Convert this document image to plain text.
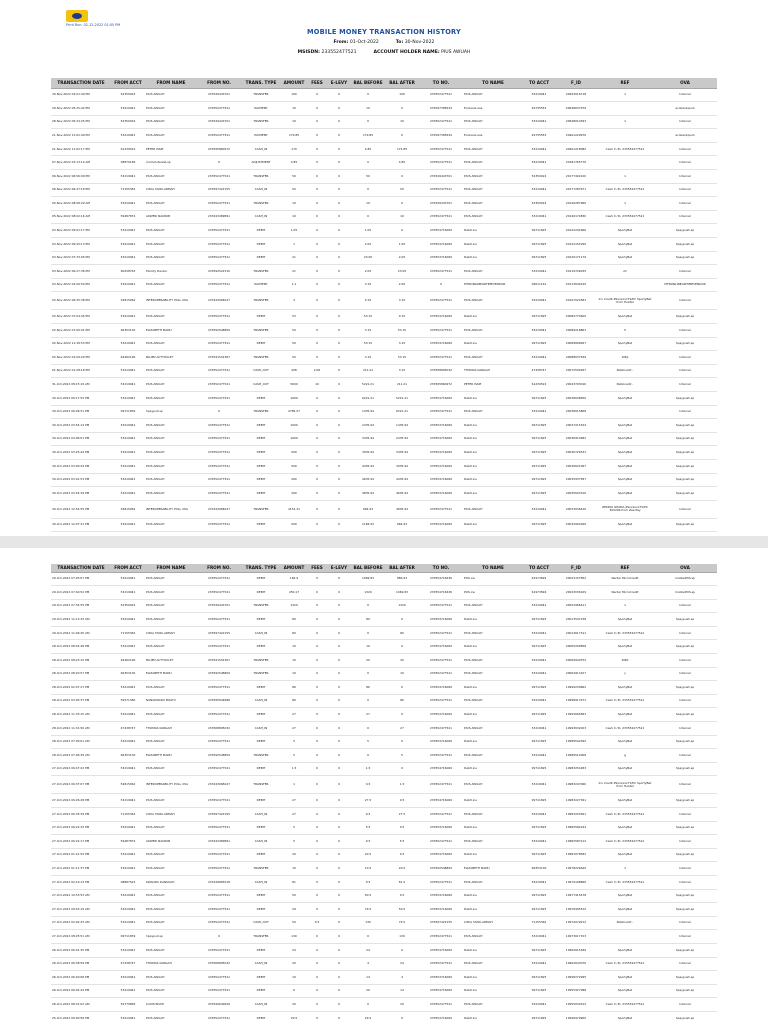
Print Run: 02-12-2022 01:05 PM
MOBILE MONEY TRANSACTION HISTORY
From: 01-Oct-2022	To: 30-Nov-2022
MSISDN: 233552477521	ACCOUNT HOLDER NAME: PIUS AWUAH
TRANSACTION DATE	FROM ACCT	FROM NAME	FROM NO.	TRANS. TYPE	AMOUNT	FEES	E-LEVY	BAL BEFORE	BAL AFTER	TO NO.	TO NAME	TO ACCT	F_ID	REF	OVA
30-Nov-2022 02:01:49 PM	52350024	PIUS AWUAH	233549443701	TRANSFER	100	0	0	0	100	233552477521	PIUS AWUAH	53219941	20643016718	1	Internal
29-Nov-2022 05:25:42 PM	53219941	PIUS AWUAH	233552477521	PAYMENT	10	0	0	10	0	233597385634	Ecobank.exe	49735553	20648637979		ecobankpush
28-Nov-2022 05:23:25 PM	52350024	PIUS AWUAH	233549443701	TRANSFER	10	0	0	0	10	233552477521	PIUS AWUAH	53219941	20648010393	1	Internal
21-Nov-2022 11:02:49 PM	53219941	PIUS AWUAH	233552477521	PAYMENT	179.85	0	0	179.85	0	233597385634	Ecobank.exe	49735553	20461229976		ecobankpush
21-Nov-2022 11:02:17 PM	61239522	PETER ISSIE	233595860972	CASH_IN	170	0	0	4.85	174.85	233552477521	PIUS AWUAH	53219941	20461218082	Cash In To: 233552477521	Internal
07-Nov-2022 03:13:10 AM	08879189	momoInterest.sp	0	ADJUSTMENT	4.85	0	0	0	4.85	233552477521	PIUS AWUAH	53219941	20181765776		Internal
06-Nov-2022 06:56:09 PM	53219941	PIUS AWUAH	233552477521	TRANSFER	50	0	0	50	0	233549443701	PIUS AWUAH	52350024	20177402120	1	Internal
06-Nov-2022 06:47:18 PM	71155362	LYDIA TANO-ARMAH	233597422155	CASH_IN	50	0	0	0	50	233552477521	PIUS AWUAH	53219941	20177287671	Cash In To: 233552477521	Internal
05-Nov-2022 08:08:29 AM	53219941	PIUS AWUAH	233552477521	TRANSFER	10	0	0	10	0	233549443701	PIUS AWUAH	52350024	20146287966	1	Internal
05-Nov-2022 08:02:16 AM	59487874	AKWEIK NADIKIB	233243489891	CASH_IN	10	0	0	0	10	233552477521	PIUS AWUAH	53219941	20146174830	Cash In To: 233552477521	Internal
03-Nov-2022 09:01:17 PM	53219941	PIUS AWUAH	233552477521	DEBIT	1.05	0	0	1.05	0	233554716069	Debit.inu	09711825	20122241666	SportyBet	hpaypush.sp
03-Nov-2022 09:25:13 PM	53219941	PIUS AWUAH	233552477521	DEBIT	1	0	0	2.05	1.05	233554716069	Debit.inu	09711825	20122152290	SportyBet	hpaypush.sp
03-Nov-2022 07:33:06 PM	53219941	PIUS AWUAH	233552477521	DEBIT	21	0	0	23.05	2.05	233554716069	Debit.inu	09711825	20120171179	SportyBet	hpaypush.sp
03-Nov-2022 06:27:36 PM	60258763	Felicity Dankor	233592522310	TRANSFER	21	0	0	2.05	23.05	233552477521	PIUS AWUAH	53219941	20119726035	21	Internal
03-Nov-2022 02:06:50 PM	53219941	PIUS AWUAH	233552477521	PAYMENT	1.1	0	0	3.15	2.05	0	MTNONLINEAIRTIMEVENDOR	09011161	20113640145		MTNONLINEAIRTIMEVENDOR
02-Nov-2022 06:35:38 PM	54815062	INTEROPERABILITY PULL OVA	233243068227	TRANSFER	3	0	0	0.15	3.15	233552477521	PIUS AWUAH	53219941	20101522583	Inv Credit ZSxxxxxx7S/PC SportyBet from Hubtel	Internal
02-Nov-2022 07:04:45 PM	53219941	PIUS AWUAH	233552477521	DEBIT	53	0	0	53.15	0.15	233554716069	Debit.inu	09711825	20089770400	SportyBet	hpaypush.sp
02-Nov-2022 07:00:01 PM	66353130	ELIZABETH MANU	233592548859	TRANSFER	50	0	0	3.15	53.15	233552477521	PIUS AWUAH	53219941	20089218863	5	Internal
02-Nov-2022 11:39:53 PM	53219941	PIUS AWUAH	233552477521	DEBIT	50	0	0	53.15	3.15	233554716069	Debit.inu	09711825	20089808267	SportyBet	hpaypush.sp
02-Nov-2022 01:09:29 PM	64462196	BLUEN ACTTOULEY	233541501367	TRANSFER	50	0	0	3.15	53.15	233552477521	PIUS AWUAH	53219941	20088637639	1Ntp	Internal
01-Nov-2022 01:28:18 PM	53219941	PIUS AWUAH	233552477521	CASH_OUT	208	2.06	0	211.21	3.15	233508895032	THOMAS KANGAH	47438747	20072599187	Nationalid -	Internal
31-Oct-2022 08:15:19 AM	53219941	PIUS AWUAH	233552477521	CASH_OUT	5000	10	0	5221.21	211.21	233595860972	PETER ISSIE	61239522	20043703016	Nationalid -	Internal
30-Oct-2022 06:17:52 PM	53219941	PIUS AWUAH	233552477521	DEBIT	1000	0	0	6221.21	5221.21	233554716069	Debit.inu	09711825	20038048950	SportyBet	hpaypush.sp
30-Oct-2022 06:09:31 PM	09711839	hpaypull.sp	0	TRANSFER	4785.27	0	0	1435.94	6221.21	233552477521	PIUS AWUAH	53219941	20038015808		Internal
30-Oct-2022 03:54:14 PM	53219941	PIUS AWUAH	233552477521	DEBIT	1000	0	0	2435.94	1435.94	233554716069	Debit.inu	09711825	20037215324	SportyBet	hpaypush.sp
30-Oct-2022 04:06:01 PM	53219941	PIUS AWUAH	233552477521	DEBIT	1000	0	0	3435.94	2435.94	233554716069	Debit.inu	09711825	20036910682	SportyBet	hpaypush.sp
30-Oct-2022 03:25:42 PM	53219941	PIUS AWUAH	233552477521	DEBIT	500	0	0	3935.94	3435.94	233554716069	Debit.inu	09711825	20036726531	SportyBet	hpaypush.sp
30-Oct-2022 03:09:34 PM	53219941	PIUS AWUAH	233552477521	DEBIT	500	0	0	4435.94	3935.94	233554716069	Debit.inu	09711825	20036621067	SportyBet	hpaypush.sp
30-Oct-2022 03:01:53 PM	53219941	PIUS AWUAH	233552477521	DEBIT	200	0	0	4635.94	4435.94	233554716069	Debit.inu	09711825	20035937587	SportyBet	hpaypush.sp
30-Oct-2022 03:24:39 PM	53219941	PIUS AWUAH	233552477521	DEBIT	200	0	0	4835.94	4635.94	233554716069	Debit.inu	09711825	20035603316	SportyBet	hpaypush.sp
30-Oct-2022 12:54:55 PM	54815062	INTEROPERABILITY PULL OVA	233243068227	TRANSFER	4151.31	0	0	684.93	4835.94	233552477521	PIUS AWUAH	53219941	20033036426	ZEKROI GHANA ZSxxxxxx75/PC 305296 from Zee Pay	Internal
30-Oct-2022 12:07:31 PM	53219941	PIUS AWUAH	233552477521	DEBIT	500	0	0	1184.93	684.93	233554716069	Debit.inu	09711825	20032992266	SportyBet	hpaypush.sp

29-Oct-2022 07:05:07 PM	53219941	PIUS AWUAH	233552477521	DEBIT	182.9	0	0	1069.83	886.93	233554716636	POS.inu	61973894	20023157852	Nectar MicroCredit	mobilePOS.sp
29-Oct-2022 07:40:52 PM	53219941	PIUS AWUAH	233552477521	DEBIT	250.17	0	0	1320	1069.83	233554716636	POS.inu	61973894	20023036109	Nectar MicroCredit	mobilePOS.sp
29-Oct-2022 07:34:55 PM	52350024	PIUS AWUAH	233549443701	TRANSFER	1320	0	0	0	1320	233552477521	PIUS AWUAH	53219941	20022966411	1	Internal
29-Oct-2022 11:13:32 AM	53219941	PIUS AWUAH	233552477521	DEBIT	80	0	0	80	0	233554716069	Debit.inu	09711825	20013547238	SportyBet	hpaypush.sp
29-Oct-2022 11:09:45 AM	71155362	LYDIA TANO-ARMAH	233597422155	CASH_IN	80	0	0	0	80	233552477521	PIUS AWUAH	53219941	20013617311	Cash In To: 233552477521	Internal
TRANSACTION DATE	FROM ACCT	FROM NAME	FROM NO.	TRANS. TYPE	AMOUNT	FEES	E-LEVY	BAL BEFORE	BAL AFTER	TO NO.	TO NAME	TO ACCT	F_ID	REF	OVA
28-Oct-2022 08:44:48 PM	53219941	PIUS AWUAH	233552477521	DEBIT	10	0	0	10	0	233554716069	Debit.inu	09711825	20005290858	SportyBet	hpaypush.sp
28-Oct-2022 08:23:15 PM	64462196	BLUEN ACTTOULEY	233541501367	TRANSFER	10	0	0	20	30	233552477521	PIUS AWUAH	53219941	20009949752	1Ntb	Internal
28-Oct-2022 08:20:57 PM	66353130	ELIZABETH MANU	233592548859	TRANSFER	10	0	0	0	10	233552477521	PIUS AWUAH	53219941	20004913107	y	Internal
28-Oct-2022 02:07:27 PM	53219941	PIUS AWUAH	233552477521	DEBIT	86	0	0	86	0	233554716069	Debit.inu	09711825	19999230862	SportyBet	hpaypush.sp
28-Oct-2022 03:05:37 PM	59571380	NANAKWADU BOATU	233595644898	CASH_IN	86	0	0	0	86	233552477521	PIUS AWUAH	53219941	19998917671	Cash In To: 233552477521	Internal
28-Oct-2022 11:33:15 AM	53219941	PIUS AWUAH	233552477521	DEBIT	27	0	0	27	0	233554716069	Debit.inu	09711825	19993664893	SportyBet	hpaypush.sp
28-Oct-2022 11:31:56 AM	47438747	THOMAS KANGAH	233508895032	CASH_IN	27	0	0	0	27	233552477521	PIUS AWUAH	53219941	19993632023	Cash In To: 233552477521	Internal
28-Oct-2022 07:09:01 AM	53219941	PIUS AWUAH	233552477521	DEBIT	5	0	0	5	0	233554716069	Debit.inu	09711825	19989542392	SportyBet	hpaypush.sp
28-Oct-2022 07:06:39 AM	66353130	ELIZABETH MANU	233592548859	TRANSFER	5	0	0	0	5	233552477521	PIUS AWUAH	53219941	19989512008	g	Internal
27-Oct-2022 06:47:22 PM	53219941	PIUS AWUAH	233552477521	DEBIT	1.5	0	0	1.5	0	233554716069	Debit.inu	09711825	19983254283	SportyBet	hpaypush.sp
27-Oct-2022 06:37:07 PM	54815062	INTEROPERABILITY PULL OVA	233243068227	TRANSFER	1	0	0	0.5	1.5	233552477521	PIUS AWUAH	53219941	19983247066	Inv Credit ZSxxxxxx73/PC SportyBet from Hubtel	Internal
27-Oct-2022 06:26:28 PM	53219941	PIUS AWUAH	233552477521	DEBIT	27	0	0	27.5	0.5	233554716069	Debit.inu	09711825	19983227361	SportyBet	hpaypush.sp
27-Oct-2022 06:35:39 PM	71155362	LYDIA TANO-ARMAH	233597422155	CASH_IN	27	0	0	0.5	27.5	233552477521	PIUS AWUAH	53219941	19983203561	Cash In To: 233552477521	Internal
27-Oct-2022 06:22:33 PM	53219941	PIUS AWUAH	233552477521	DEBIT	5	0	0	5.5	0.5	233554716069	Debit.inu	09711825	19982584194	SportyBet	hpaypush.sp
27-Oct-2022 06:22:17 PM	59487874	AKWEIK NADIKIB	233243489891	CASH_IN	5	0	0	0.5	5.5	233552477521	PIUS AWUAH	53219941	19982587212	Cash In To: 233552477521	Internal
27-Oct-2022 01:21:52 PM	53219941	PIUS AWUAH	233552477521	DEBIT	20	0	0	20.5	0.5	233554716069	Debit.inu	09711825	19981078582	SportyBet	hpaypush.sp
27-Oct-2022 01:11:37 PM	53219941	PIUS AWUAH	233552477521	TRANSFER	10	0	0	10.5	20.5	233592548859	ELIZABETH MANU	66353130	19978226645	1	Internal
27-Oct-2022 02:10:13 PM	08887522	KWADZO DANSOAH	233249865518	CASH_IN	81	0	0	0.5	81.5	233552477521	PIUS AWUAH	53219941	19979198896	Cash In To: 233552477521	Internal
27-Oct-2022 10:53:53 AM	53219941	PIUS AWUAH	233552477521	DEBIT	50	0	0	50.5	0.5	233554716069	Debit.inu	09711825	19977415478	SportyBet	hpaypush.sp
27-Oct-2022 09:52:19 AM	53219941	PIUS AWUAH	233552477521	DEBIT	29	0	0	79.5	50.5	233554716069	Debit.inu	09711825	19976995512	SportyBet	hpaypush.sp
27-Oct-2022 02:02:33 AM	53219941	PIUS AWUAH	233552477521	CASH_OUT	50	0.5	0	130	79.5	233597422155	LYDIA TANO-ARMAH	71155362	19972079212	Nationalid -	Internal
27-Oct-2022 08:25:51 AM	09711839	hpaypull.sp	0	TRANSFER	130	0	0	0	130	233552477521	PIUS AWUAH	53219941	19973617153		Internal
26-Oct-2022 06:01:35 PM	53219941	PIUS AWUAH	233552477521	DEBIT	24	0	0	24	0	233554716069	Debit.inu	09711825	19962615189	SportyBet	hpaypush.sp
26-Oct-2022 06:38:59 PM	47438747	THOMAS KANGAH	233508895032	CASH_IN	20	0	0	4	24	233552477521	PIUS AWUAH	53219941	19962643076	Cash In To: 233552477521	Internal
26-Oct-2022 06:40:08 PM	53219941	PIUS AWUAH	233552477521	DEBIT	10	0	0	14	4	233554716069	Debit.inu	09711825	19958272995	SportyBet	hpaypush.sp
26-Oct-2022 06:02:42 PM	53219941	PIUS AWUAH	233552477521	DEBIT	6	0	0	20	14	233554716069	Debit.inu	09711825	19955927988	SportyBet	hpaypush.sp
26-Oct-2022 08:31:02 AM	52779895	LOUIS BOATI	233549649649	CASH_IN	20	0	0	0	20	233552477521	PIUS AWUAH	53219941	19955039312	Cash In To: 233552477521	Internal
25-Oct-2022 06:00:58 PM	53219941	PIUS AWUAH	233552477521	DEBIT	29.5	0	0	29.5	0	233554716069	Debit.inu	09711825	19946979900	SportyBet	hpaypush.sp
